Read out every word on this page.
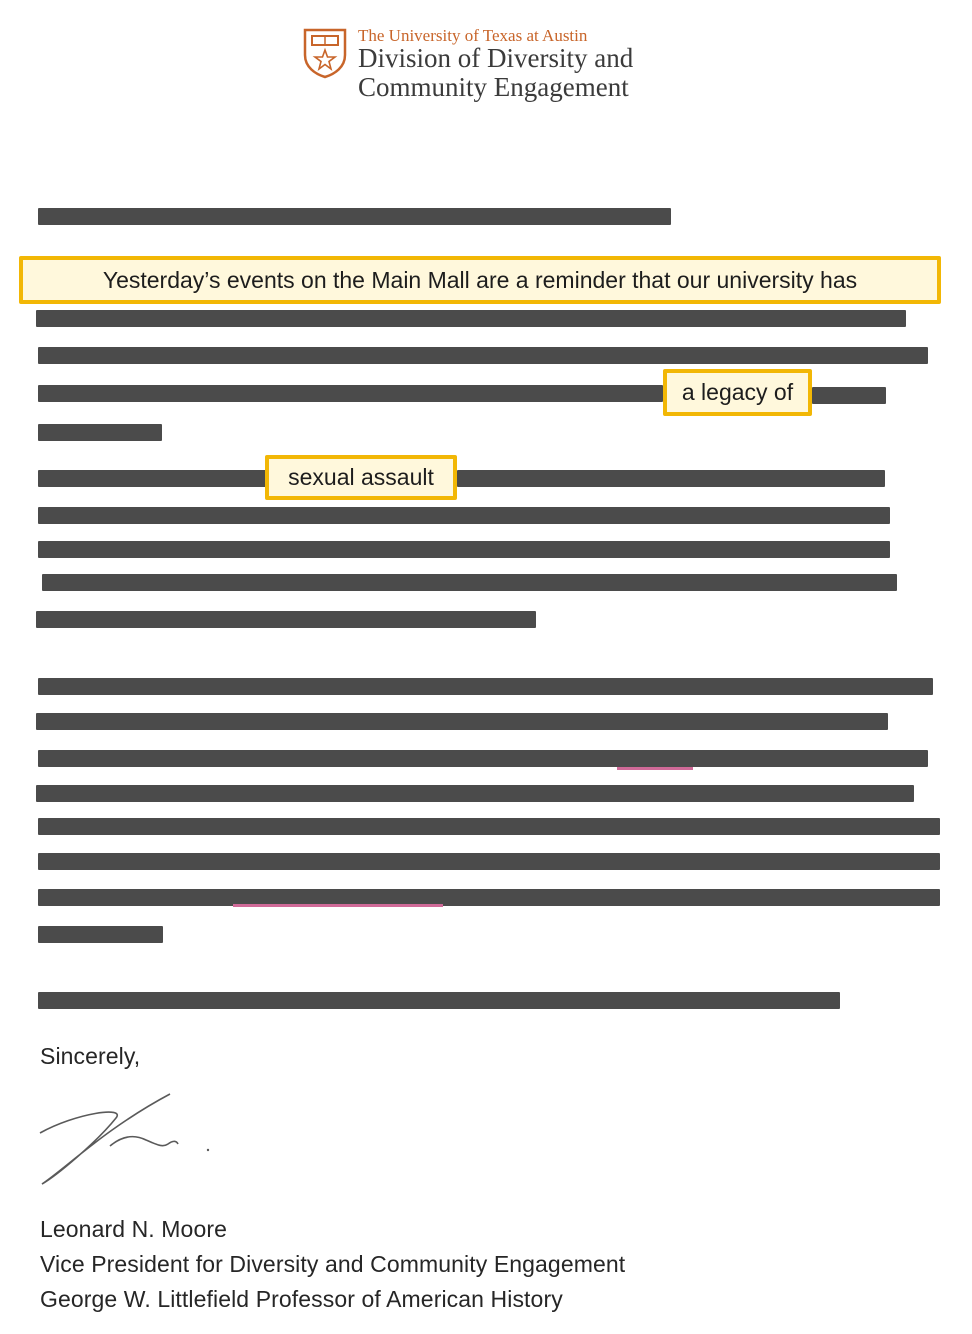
The University of Texas at Austin
Division of Diversity and
Community Engagement
Yesterday’s events on the Main Mall are a reminder that our university has
a legacy of
sexual assault
Sincerely,
Leonard N. Moore
Vice President for Diversity and Community Engagement
George W. Littlefield Professor of American History
